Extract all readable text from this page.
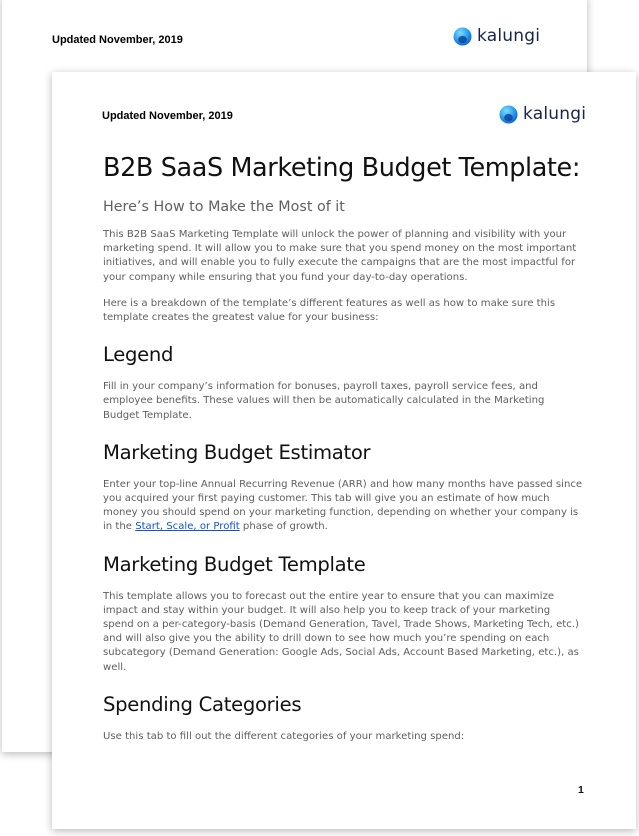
Updated November, 2019	kalungi
Updated November, 2019	kalungi
B2B SaaS Marketing Budget Template:
Here’s How to Make the Most of it

This B2B SaaS Marketing Template will unlock the power of planning and visibility with your marketing spend. It will allow you to make sure that you spend money on the most important initiatives, and will enable you to fully execute the campaigns that are the most impactful for your company while ensuring that you fund your day-to-day operations.

Here is a breakdown of the template’s different features as well as how to make sure this template creates the greatest value for your business:

Legend

Fill in your company’s information for bonuses, payroll taxes, payroll service fees, and employee benefits. These values will then be automatically calculated in the Marketing Budget Template.

Marketing Budget Estimator

Enter your top-line Annual Recurring Revenue (ARR) and how many months have passed since you acquired your first paying customer. This tab will give you an estimate of how much money you should spend on your marketing function, depending on whether your company is in the Start, Scale, or Profit phase of growth.

Marketing Budget Template

This template allows you to forecast out the entire year to ensure that you can maximize impact and stay within your budget. It will also help you to keep track of your marketing spend on a per-category-basis (Demand Generation, Tavel, Trade Shows, Marketing Tech, etc.) and will also give you the ability to drill down to see how much you’re spending on each subcategory (Demand Generation: Google Ads, Social Ads, Account Based Marketing, etc.), as well.

Spending Categories

Use this tab to fill out the different categories of your marketing spend:

1
